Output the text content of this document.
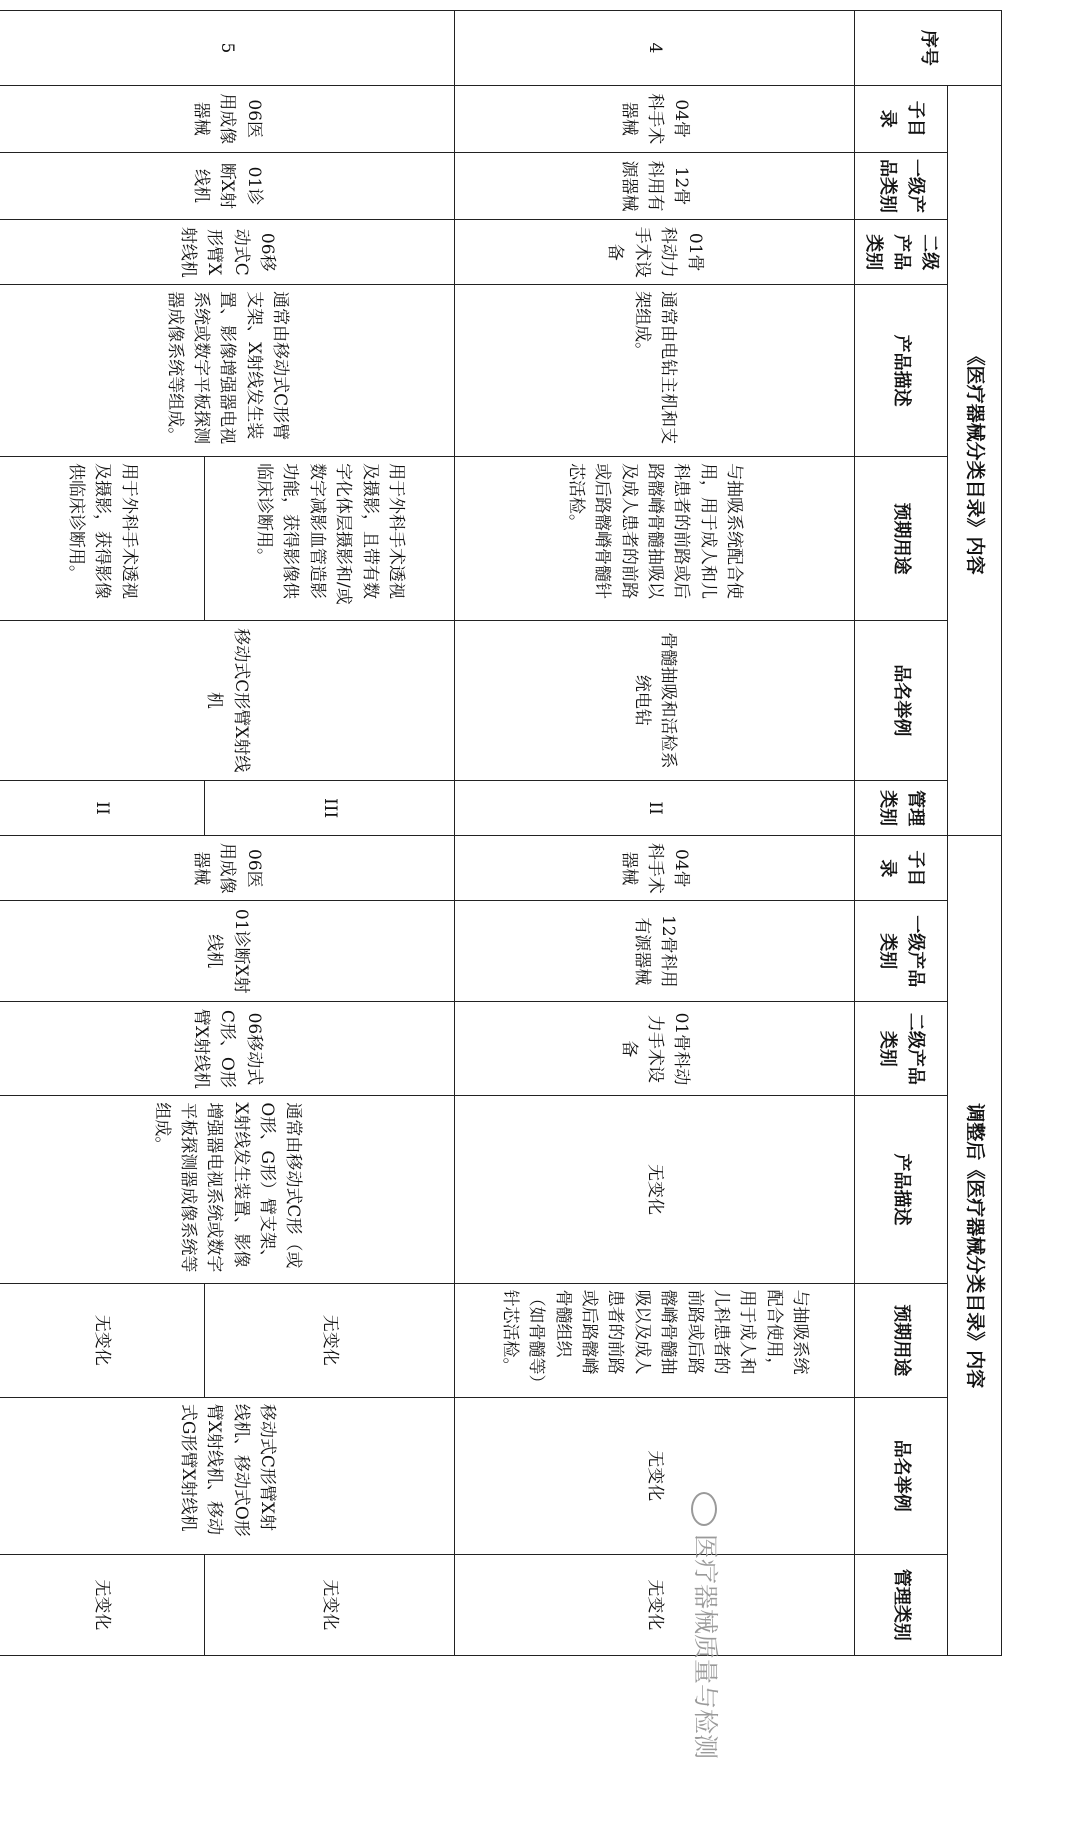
序号	《医疗器械分类目录》内容							调整后《医疗器械分类目录》内容						
	子目录	一级产品类别	二级产品类别	产品描述	预期用途	品名举例	管理类别	子目录	一级产品类别	二级产品类别	产品描述	预期用途	品名举例	管理类别
4	04骨科手术器械	12骨科用有源器械	01骨科动力手术设备	通常由电钻主机和支架组成。	与抽吸系统配合使用，用于成人和儿科患者的前路或后路髂嵴骨髓抽吸以及成人患者的前路或后路髂嵴骨髓针芯活检。	骨髓抽吸和活检系统电钻	II	04骨科手术器械	12骨科用有源器械	01骨科动力手术设备	无变化	与抽吸系统配合使用，用于成人和儿科患者的前路或后路髂嵴骨髓抽吸以及成人患者的前路或后路髂嵴骨髓组织（如骨髓等）针芯活检。	无变化	无变化
5	06医用成像器械	01诊断X射线机	06移动式C形臂X射线机	通常由移动式C形臂支架、X射线发生装置、影像增强器电视系统或数字平板探测器成像系统等组成。	用于外科手术透视及摄影，且带有数字化体层摄影和/或数字减影血管造影功能，获得影像供临床诊断用。	移动式C形臂X射线机	III	06医用成像器械	01诊断X射线机	06移动式C形、O形臂X射线机	通常由移动式C形（或O形、G形）臂支架、X射线发生装置、影像增强器电视系统或数字平板探测器成像系统等组成。	无变化	移动式C形臂X射线机、移动式O形臂X射线机、移动式G形臂X射线机	无变化
					用于外科手术透视及摄影，获得影像供临床诊断用。		II					无变化		无变化	医疗器械质量与检测
